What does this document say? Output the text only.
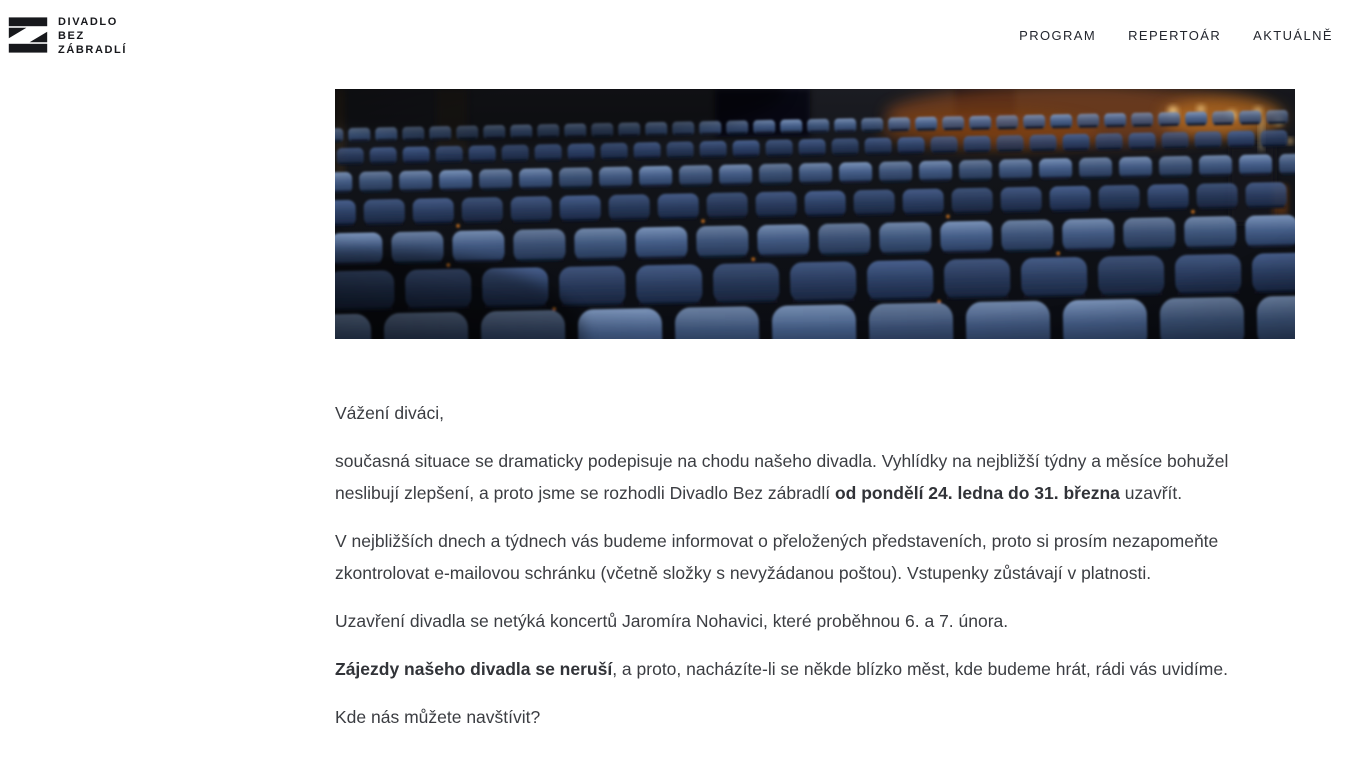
DIVADLO
BEZ
ZÁBRADLÍ
PROGRAM REPERTOÁR AKTUÁLNĚ

Vážení diváci,

současná situace se dramaticky podepisuje na chodu našeho divadla. Vyhlídky na nejbližší týdny a měsíce bohužel neslibují zlepšení, a proto jsme se rozhodli Divadlo Bez zábradlí od pondělí 24. ledna do 31. března uzavřít.

V nejbližších dnech a týdnech vás budeme informovat o přeložených představeních, proto si prosím nezapomeňte zkontrolovat e-mailovou schránku (včetně složky s nevyžádanou poštou). Vstupenky zůstávají v platnosti.

Uzavření divadla se netýká koncertů Jaromíra Nohavici, které proběhnou 6. a 7. února.

Zájezdy našeho divadla se neruší, a proto, nacházíte-li se někde blízko měst, kde budeme hrát, rádi vás uvidíme.

Kde nás můžete navštívit?
